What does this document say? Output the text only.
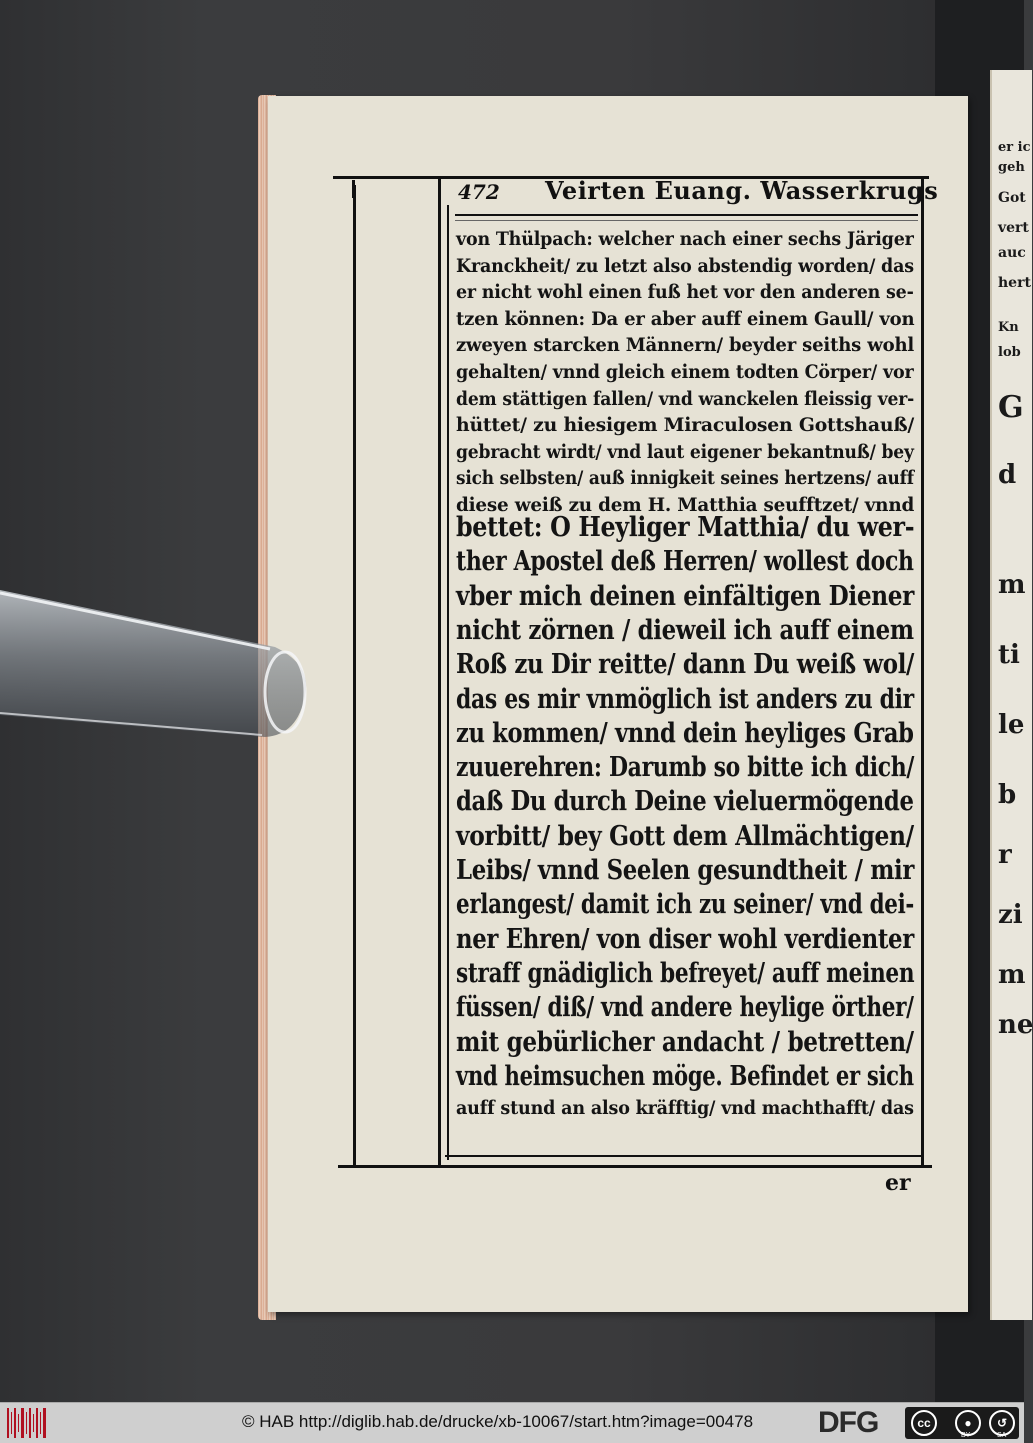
er ic
geh
Got
vert
auc
hert
Kn
lob
G
d
m
ti
le
b
r
zi
m
ne
472 Veirten Euang. Wasserkrugs
von Thülpach: welcher nach einer sechs Järiger
Kranckheit/ zu letzt also abstendig worden/ das
er nicht wohl einen fuß het vor den anderen se-
tzen können: Da er aber auff einem Gaull/ von
zweyen starcken Männern/ beyder seiths wohl
gehalten/ vnnd gleich einem todten Cörper/ vor
dem stättigen fallen/ vnd wanckelen fleissig ver-
hüttet/ zu hiesigem Miraculosen Gottshauß/
gebracht wirdt/ vnd laut eigener bekantnuß/ bey
sich selbsten/ auß innigkeit seines hertzens/ auff
diese weiß zu dem H. Matthia seufftzet/ vnnd
bettet: O Heyliger Matthia/ du wer-
ther Apostel deß Herren/ wollest doch
vber mich deinen einfältigen Diener
nicht zörnen / dieweil ich auff einem
Roß zu Dir reitte/ dann Du weiß wol/
das es mir vnmöglich ist anders zu dir
zu kommen/ vnnd dein heyliges Grab
zuuerehren: Darumb so bitte ich dich/
daß Du durch Deine vieluermögende
vorbitt/ bey Gott dem Allmächtigen/
Leibs/ vnnd Seelen gesundtheit / mir
erlangest/ damit ich zu seiner/ vnd dei-
ner Ehren/ von diser wohl verdienter
straff gnädiglich befreyet/ auff meinen
füssen/ diß/ vnd andere heylige örther/
mit gebürlicher andacht / betretten/
vnd heimsuchen möge. Befindet er sich
auff stund an also kräfftig/ vnd machthafft/ das
er
© HAB http://diglib.hab.de/drucke/xb-10067/start.htm?image=00478 DFG	cc	●	↺
BY	SA
